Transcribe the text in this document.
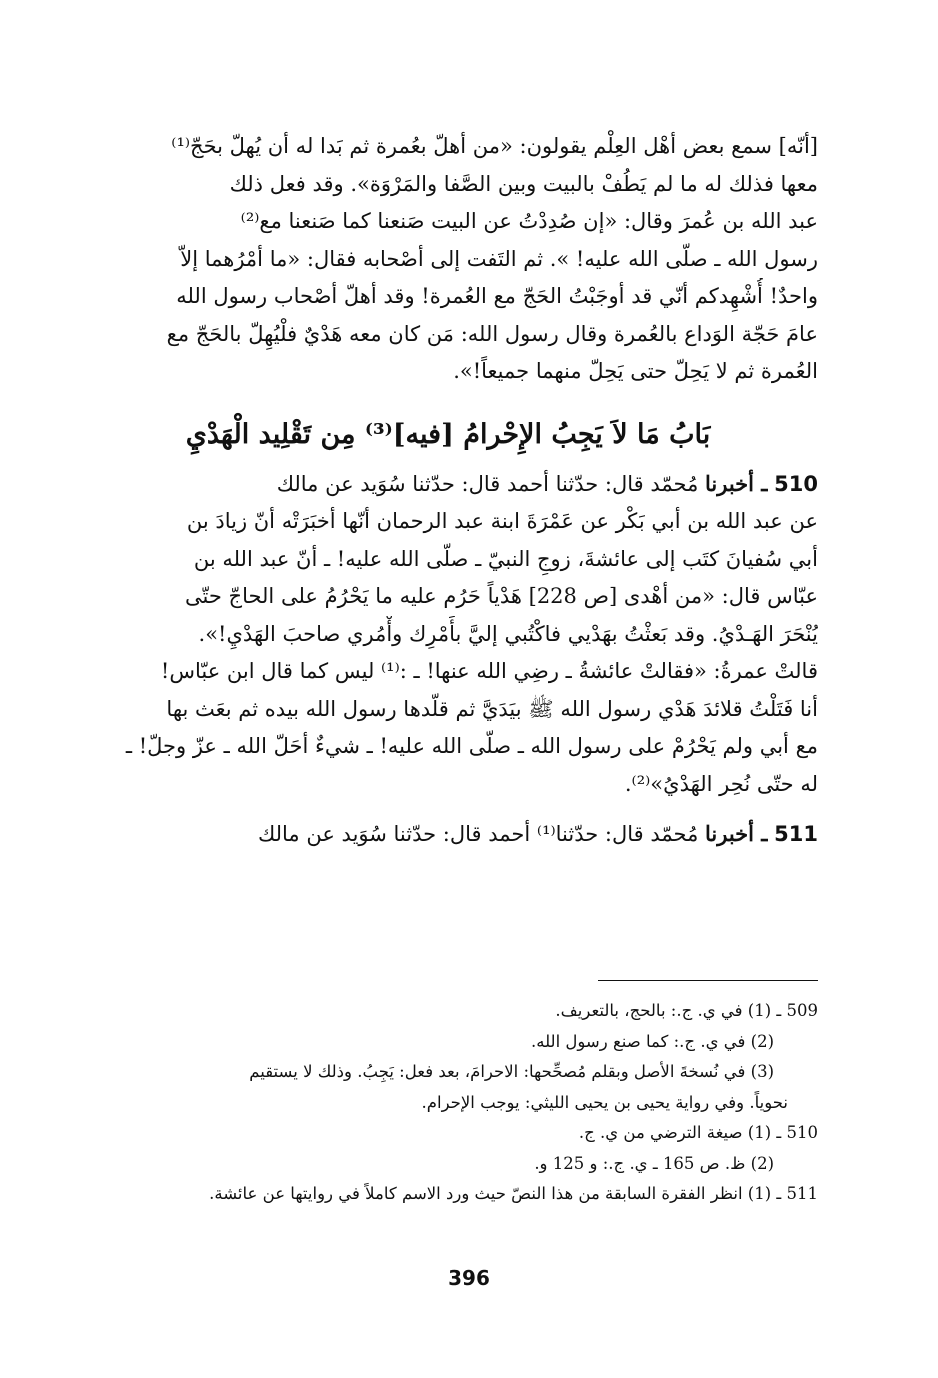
[أنّه] سمع بعض أهْل العِلْم يقولون: «من أهلّ بعُمرة ثم بَدا له أن يُهلّ بحَجّ⁽¹⁾
معها فذلك له ما لم يَطُفْ بالبيت وبين الصَّفا والمَرْوَة». وقد فعل ذلك
عبد الله بن عُمرَ وقال: «إن صُدِدْتُ عن البيت صَنعنا كما صَنعنا مع⁽²⁾
رسول الله ـ صلّى الله عليه! ». ثم التَفت إلى أصْحابه فقال: «ما أمْرُهما إلاّ
واحدٌ! أُشْهِدكم أنّي قد أوجَبْتُ الحَجّ مع العُمرة! وقد أهلّ أصْحاب رسول الله
عامَ حَجّة الوَداع بالعُمرة وقال رسول الله: مَن كان معه هَدْيٌ فلْيُهِلّ بالحَجّ مع
العُمرة ثم لا يَحِلّ حتى يَحِلّ منهما جميعاً!».
بَابُ مَا لاَ يَجِبُ الإِحْرامُ [فيه]⁽³⁾ مِن تَقْلِيد الْهَدْيِ
510 ـ أخبرنا مُحمّد قال: حدّثنا أحمد قال: حدّثنا سُوَيد عن مالك
عن عبد الله بن أبي بَكْر عن عَمْرَةَ ابنة عبد الرحمان أنّها أخبَرَتْه أنّ زيادَ بن
أبي سُفيانَ كتَب إلى عائشةَ، زوجِ النبيّ ـ صلّى الله عليه! ـ أنّ عبد الله بن
عبّاس قال: «من أهْدى [ص 228] هَدْياً حَرُم عليه ما يَحْرُمُ على الحاجّ حتّى
يُنْحَرَ الهَـدْيُ. وقد بَعثْتُ بهَدْيي فاكْتُبي إليَّ بأَمْرِك وأْمُري صاحبَ الهَدْيِ!».
قالتْ عمرةُ: «فقالتْ عائشةُ ـ رضِي الله عنها! ـ :⁽¹⁾ ليس كما قال ابن عبّاس!
أنا فَتَلْتُ قلائدَ هَدْي رسول الله ﷺ بيَدَيَّ ثم قلّدها رسول الله بيده ثم بعَث بها
مع أبي ولم يَحْرُمْ على رسول الله ـ صلّى الله عليه! ـ شيءٌ أحَلّ الله ـ عزّ وجلّ! ـ
له حتّى نُحِر الهَدْيُ»⁽²⁾.
511 ـ أخبرنا مُحمّد قال: حدّثنا⁽¹⁾ أحمد قال: حدّثنا سُوَيد عن مالك
509 ـ (1) في ي. ج.: بالحج، بالتعريف.
(2) في ي. ج.: كما صنع رسول الله.
(3) في نُسخةَ الأصل وبقلم مُصحِّحها: الاحرامَ، بعد فعل: يَجِبُ. وذلك لا يستقيم
نحوياً. وفي رواية يحيى بن يحيى الليثي: يوجب الإحرام.
510 ـ (1) صيغة الترضي من ي. ج.
(2) ظ. ص 165 ـ ي. ج.: و 125 و.
511 ـ (1) انظر الفقرة السابقة من هذا النصّ حيث ورد الاسم كاملاً في روايتها عن عائشة.
396
